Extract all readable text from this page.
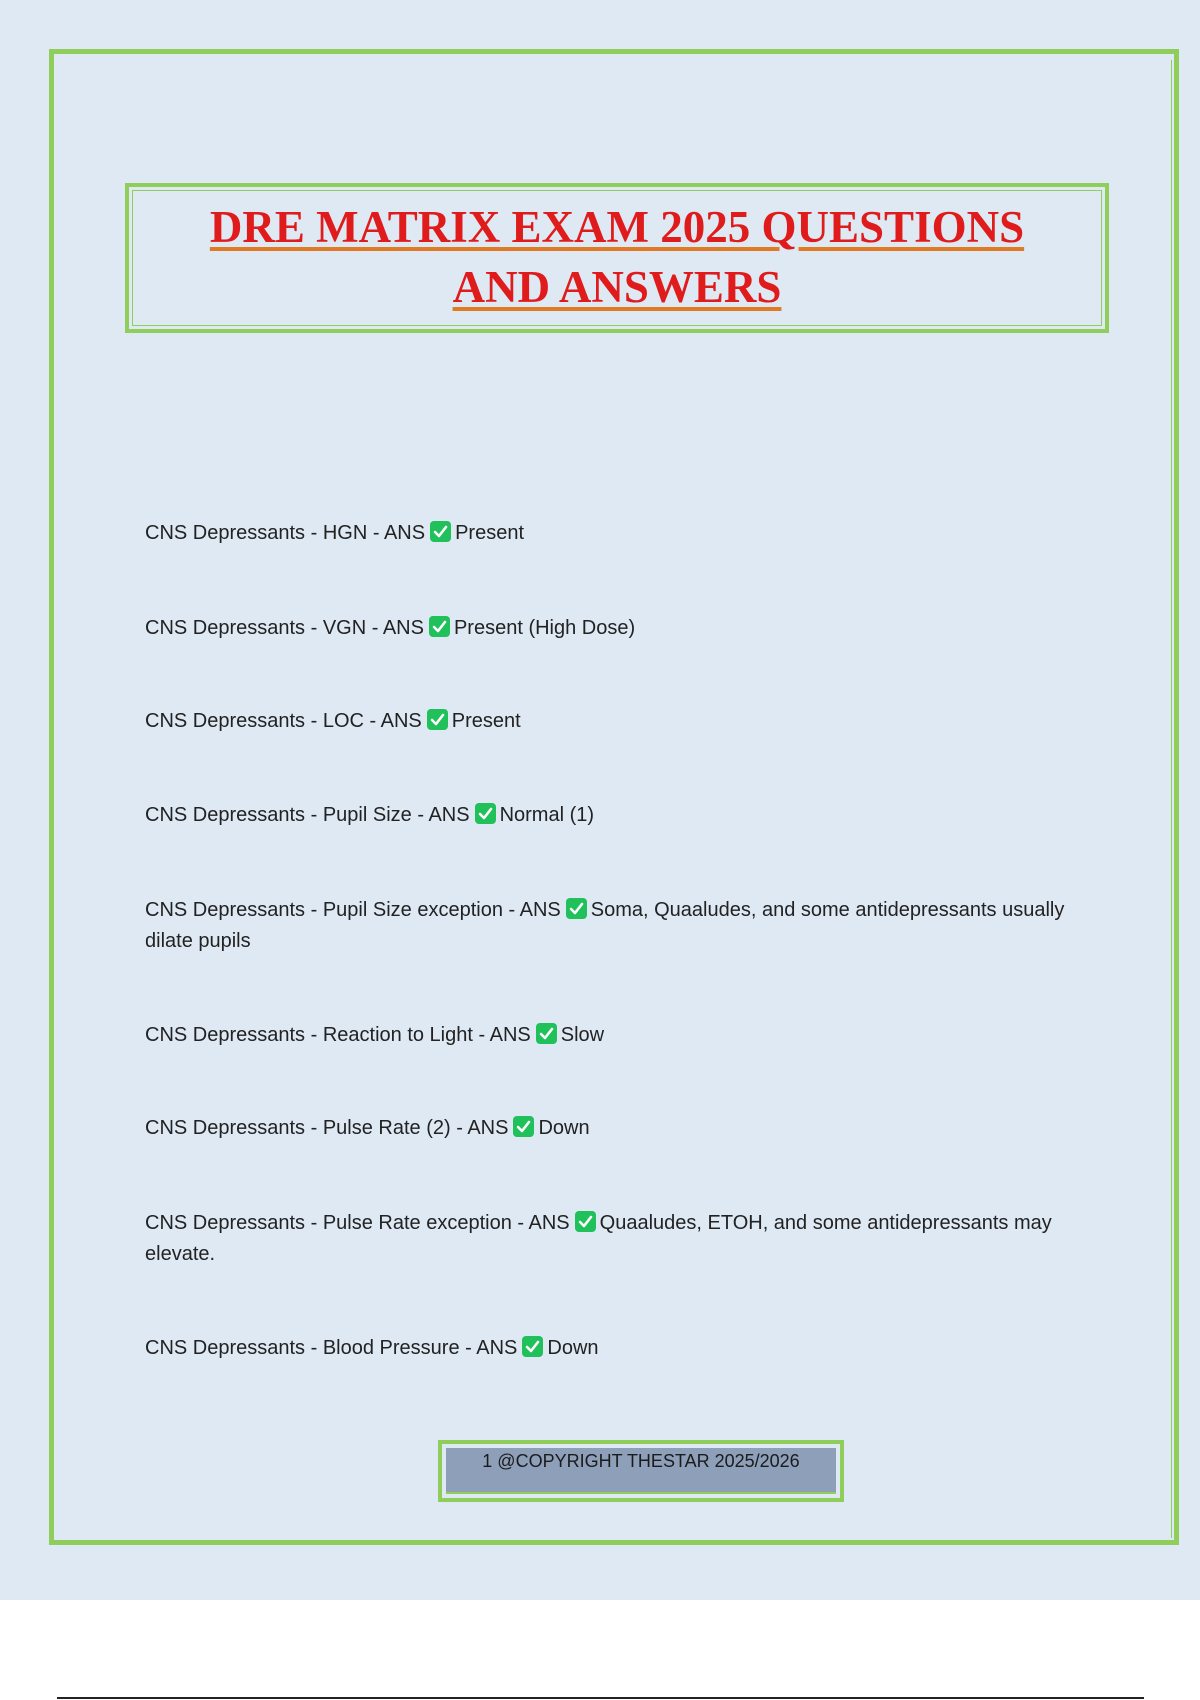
DRE MATRIX EXAM 2025 QUESTIONS
AND ANSWERS

CNS Depressants - HGN - ANS Present

CNS Depressants - VGN - ANS Present (High Dose)

CNS Depressants - LOC - ANS Present

CNS Depressants - Pupil Size - ANS Normal (1)

CNS Depressants - Pupil Size exception - ANS Soma, Quaaludes, and some antidepressants usually dilate pupils

CNS Depressants - Reaction to Light - ANS Slow

CNS Depressants - Pulse Rate (2) - ANS Down

CNS Depressants - Pulse Rate exception - ANS Quaaludes, ETOH, and some antidepressants may elevate.

CNS Depressants - Blood Pressure - ANS Down

1 @COPYRIGHT THESTAR 2025/2026
